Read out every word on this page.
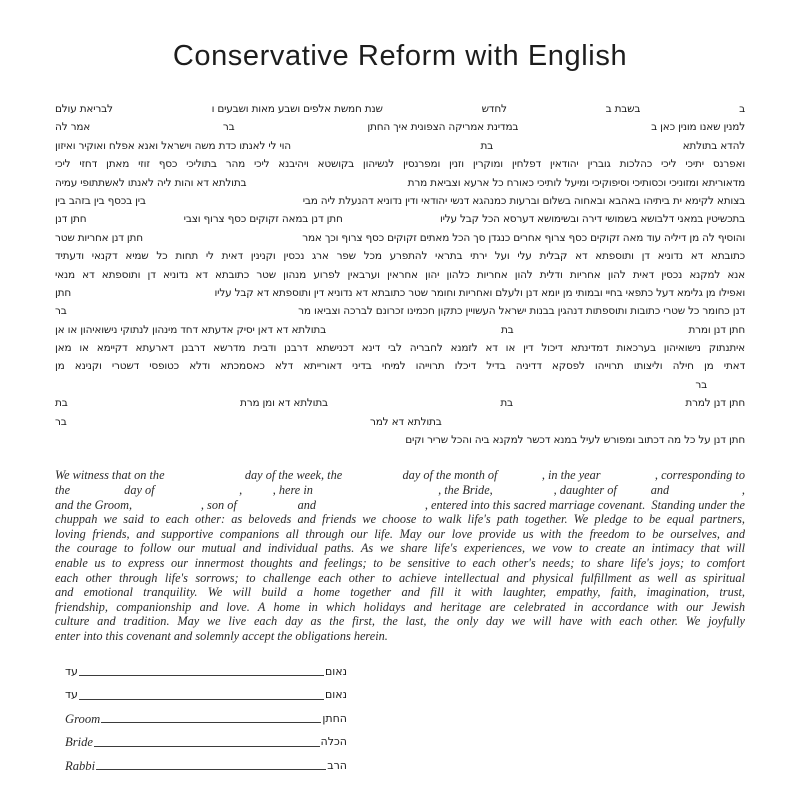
Conservative Reform with English
ב
בשבת ב
לחדש
שנת חמשת אלפים ושבע מאות ושבעים ו
לבריאת עולם
למנין שאנו מונין כאן ב
במדינת אמריקה הצפונית איך החתן
בר
אמר לה
להדא בתולתא
בת
הוי לי לאנתו כדת משה וישראל ואנא אפלח ואוקיר ואיזון
ואפרנס יתיכי ליכי כהלכות גוברין יהודאין דפלחין ומוקרין וזנין ומפרנסין לנשיהון בקושטא ויהיבנא ליכי מהר בתוליכי כסף זוזי מאתן דחזי ליכי
מדאוריתא ומזוניכי וכסותיכי וסיפוקיכי ומיעל לותיכי כאורח כל ארעא וצביאת מרת
בתולתא דא והות ליה לאנתו לאשתתופי עמיה
בצותא לקימא ית ביתיהו באהבא ובאחוה בשלום וברעות כמנהגא דנשי יהודאי ודין נדוניא דהנעלת ליה מבי
בין בכסף בין בזהב בין
בתכשיטין במאני דלבושא בשמושי דירה ובשימושא דערסא הכל קבל עליו
חתן דנן במאה זקוקים כסף צרוף וצבי
חתן דנן
והוסיף לה מן דיליה עוד מאה זקוקים כסף צרוף אחרים כנגדן סך הכל מאתים זקוקים כסף צרוף וכך אמר
חתן דנן אחריות שטר
כתובתא דא נדוניא דן ותוספתא דא קבלית עלי ועל ירתי בתראי להתפרע מכל שפר ארג נכסין וקנינין דאית לי תחות כל שמיא דקנאי ודעתיד
אנא למקנא נכסין דאית להון אחריות ודלית להון אחריות כלהון יהון אחראין וערבאין לפרוע מנהון שטר כתובתא דא נדוניא דן ותוספתא דא מנאי
ואפילו מן גלימא דעל כתפאי בחיי ובמותי מן יומא דנן ולעלם ואחריות וחומר שטר כתובתא דא נדוניא דין ותוספתא דא קבל עליו
חתן
דנן כחומר כל שטרי כתובות ותוספתות דנהגין בבנות ישראל העשויין כתקון חכמינו זכרונם לברכה וצביאו מר
בר
חתן דנן ומרת
בת
בתולתא דא דאן יסיק אדעתא דחד מינהון לנתוקי נישואיהון או אן
איתנתוק נישואיהון בערכאות דמדינתא דיכול דין או דא לזמנא לחבריה לבי דינא דכנישתא דרבנן ודבית מדרשא דרבנן דארעתא דקיימא או מאן
דאתי מן חילה וליצותו תרוייהו לפסקא דדיניה בדיל דיכלו תרוייהו למיחי בדיני דאורייתא דלא כאסמכתא ודלא כטופסי דשטרי וקנינא מן
בר
חתן דנן למרת
בת
בתולתא דא ומן מרת
בת
בתולתא דא למר
בר
חתן דנן על כל מה דכתוב ומפורש לעיל במנא דכשר למקנא ביה והכל שריר וקים
We witness that on the	day of the week, the	day of the month of	, in the year	, corresponding to
the	day of	, , here in	, the Bride,	, daughter of	and	,
and the Groom,	, son of	and	, entered into this sacred marriage covenant.  Standing under the
chuppah we said to each other: as beloveds and friends we choose to walk life's path together. We pledge to be equal partners,
loving friends, and supportive companions all through our life. May our love provide us with the freedom to be ourselves, and
the courage to follow our mutual and individual paths. As we share life's experiences, we vow to create an intimacy that will
enable us to express our innermost thoughts and feelings; to be sensitive to each other's needs; to share life's joys; to comfort
each other through life's sorrows; to challenge each other to achieve intellectual and physical fulfillment as well as spiritual
and emotional tranquility. We will build a home together and fill it with laughter, empathy, faith, imagination, trust,
friendship, companionship and love. A home in which holidays and heritage are celebrated in accordance with our Jewish
culture and tradition. May we live each day as the first, the last, the only day we will have with each other. We joyfully
enter into this covenant and solemnly accept the obligations herein.
עד	נאום
עד	נאום
Groom	החתן
Bride	הכלה
Rabbi	הרב
